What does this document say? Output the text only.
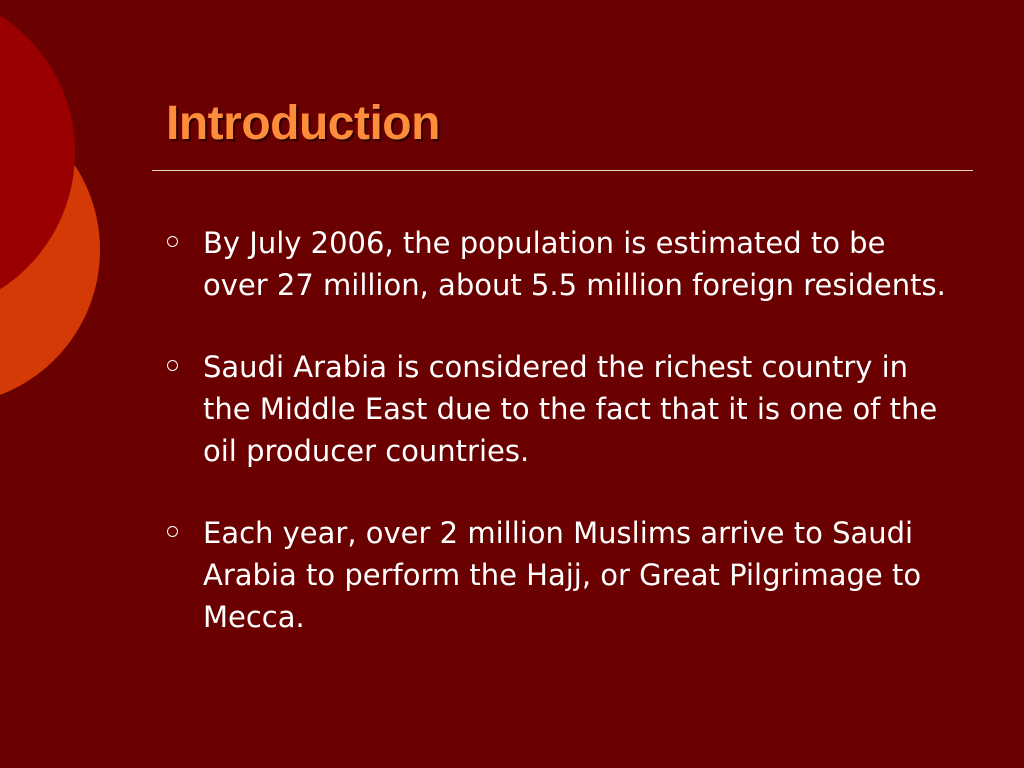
Introduction
By July 2006, the population is estimated to be over 27 million, about 5.5 million foreign residents.
Saudi Arabia is considered the richest country in the Middle East due to the fact that it is one of the oil producer countries.
Each year, over 2 million Muslims arrive to Saudi Arabia to perform the Hajj, or Great Pilgrimage to Mecca.
